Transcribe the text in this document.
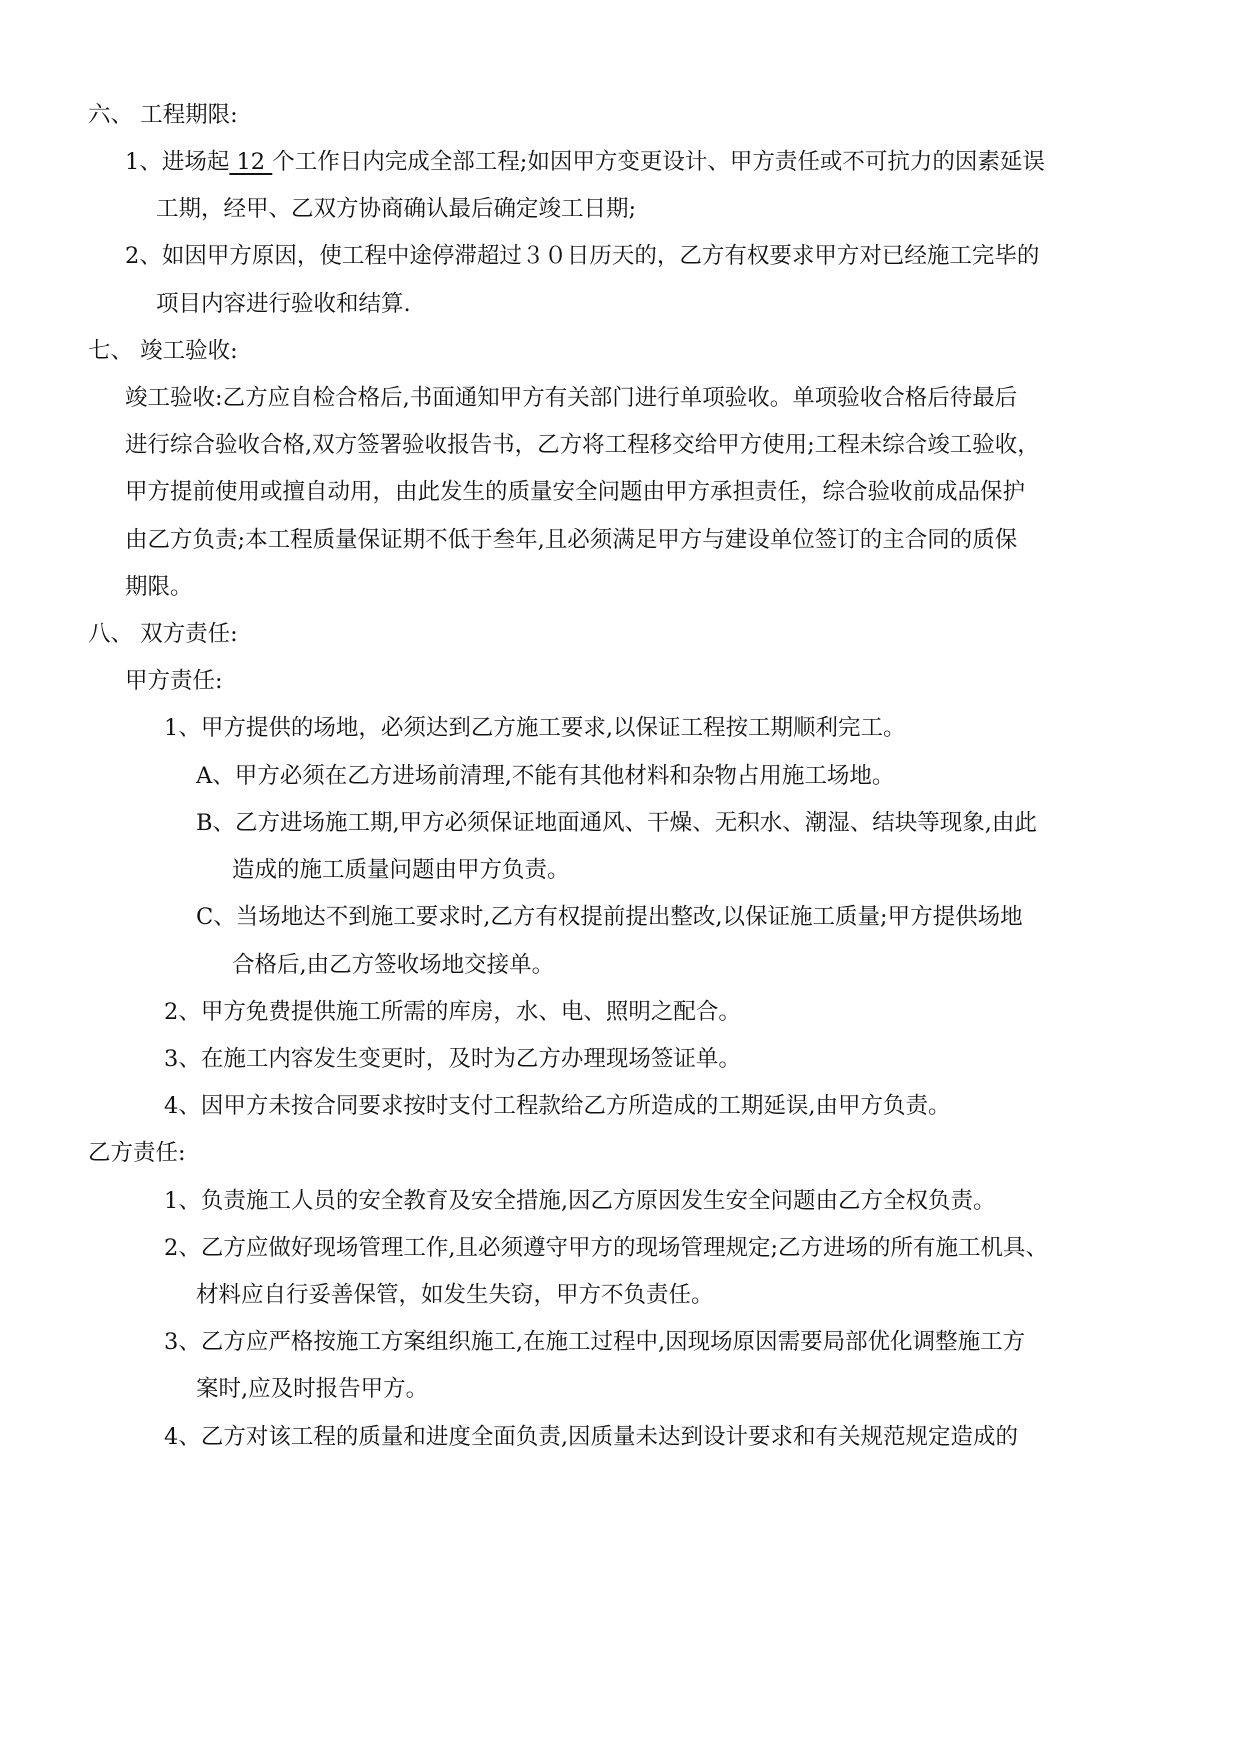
六、 工程期限:
1、进场起 12 个工作日内完成全部工程;如因甲方变更设计、甲方责任或不可抗力的因素延误
工期，经甲、乙双方协商确认最后确定竣工日期;
2、如因甲方原因，使工程中途停滞超过３０日历天的，乙方有权要求甲方对已经施工完毕的
项目内容进行验收和结算.
七、 竣工验收:
竣工验收:乙方应自检合格后,书面通知甲方有关部门进行单项验收。单项验收合格后待最后
进行综合验收合格,双方签署验收报告书，乙方将工程移交给甲方使用;工程未综合竣工验收，
甲方提前使用或擅自动用，由此发生的质量安全问题由甲方承担责任，综合验收前成品保护
由乙方负责;本工程质量保证期不低于叁年,且必须满足甲方与建设单位签订的主合同的质保
期限。
八、 双方责任:
甲方责任:
1、甲方提供的场地，必须达到乙方施工要求,以保证工程按工期顺利完工。
A、甲方必须在乙方进场前清理,不能有其他材料和杂物占用施工场地。
B、乙方进场施工期,甲方必须保证地面通风、干燥、无积水、潮湿、结块等现象,由此
造成的施工质量问题由甲方负责。
C、当场地达不到施工要求时,乙方有权提前提出整改,以保证施工质量;甲方提供场地
合格后,由乙方签收场地交接单。
2、甲方免费提供施工所需的库房，水、电、照明之配合。
3、在施工内容发生变更时，及时为乙方办理现场签证单。
4、因甲方未按合同要求按时支付工程款给乙方所造成的工期延误,由甲方负责。
乙方责任:
1、负责施工人员的安全教育及安全措施,因乙方原因发生安全问题由乙方全权负责。
2、乙方应做好现场管理工作,且必须遵守甲方的现场管理规定;乙方进场的所有施工机具、
材料应自行妥善保管，如发生失窃，甲方不负责任。
3、乙方应严格按施工方案组织施工,在施工过程中,因现场原因需要局部优化调整施工方
案时,应及时报告甲方。
4、乙方对该工程的质量和进度全面负责,因质量未达到设计要求和有关规范规定造成的
